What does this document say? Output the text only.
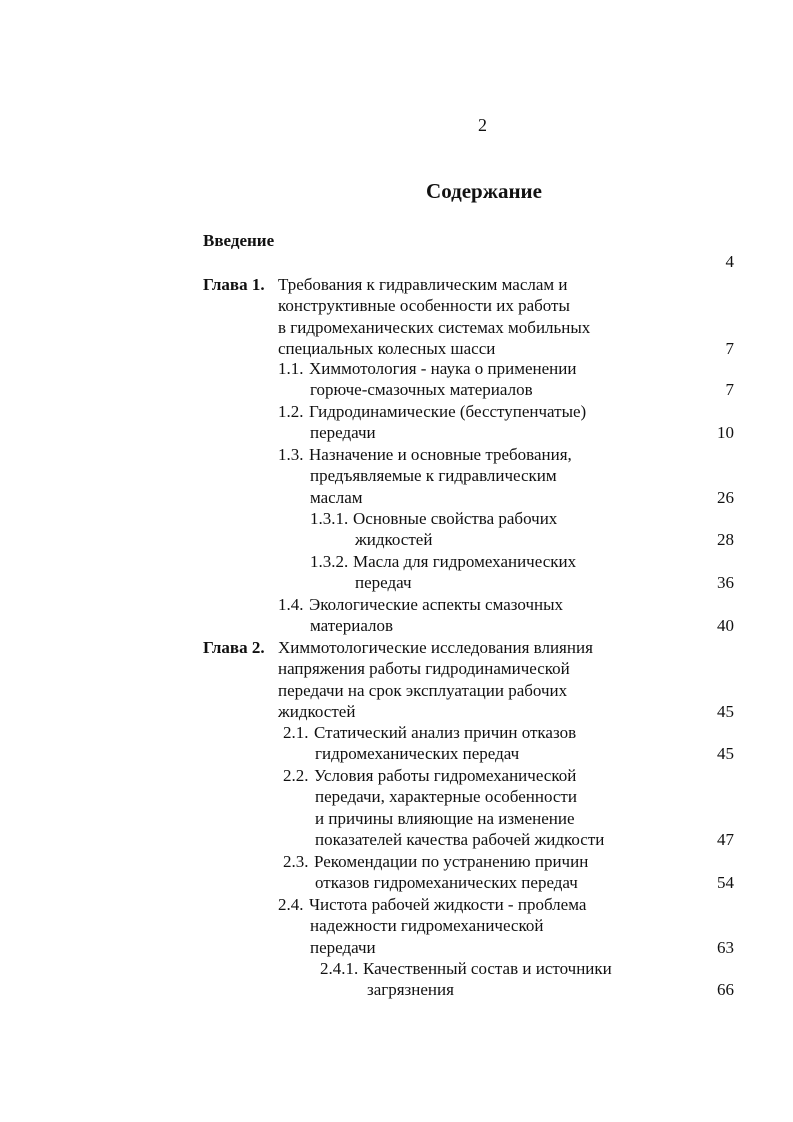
2
Содержание
Введение
4
Глава 1. Требования к гидравлическим маслам и
конструктивные особенности их работы
в гидромеханических системах мобильных
специальных колесных шасси	7
1.1. Химмотология - наука о применении
горюче-смазочных материалов	7
1.2. Гидродинамические (бесступенчатые)
передачи	10
1.3. Назначение и основные требования,
предъявляемые к гидравлическим
маслам	26
1.3.1. Основные свойства рабочих
жидкостей	28
1.3.2. Масла для гидромеханических
передач	36
1.4. Экологические аспекты смазочных
материалов	40
Глава 2. Химмотологические исследования влияния
напряжения работы гидродинамической
передачи на срок эксплуатации рабочих
жидкостей	45
2.1. Статический анализ причин отказов
гидромеханических передач	45
2.2. Условия работы гидромеханической
передачи, характерные особенности
и причины влияющие на изменение
показателей качества рабочей жидкости	47
2.3. Рекомендации по устранению причин
отказов гидромеханических передач	54
2.4. Чистота рабочей жидкости - проблема
надежности гидромеханической
передачи	63
2.4.1. Качественный состав и источники
загрязнения	66
